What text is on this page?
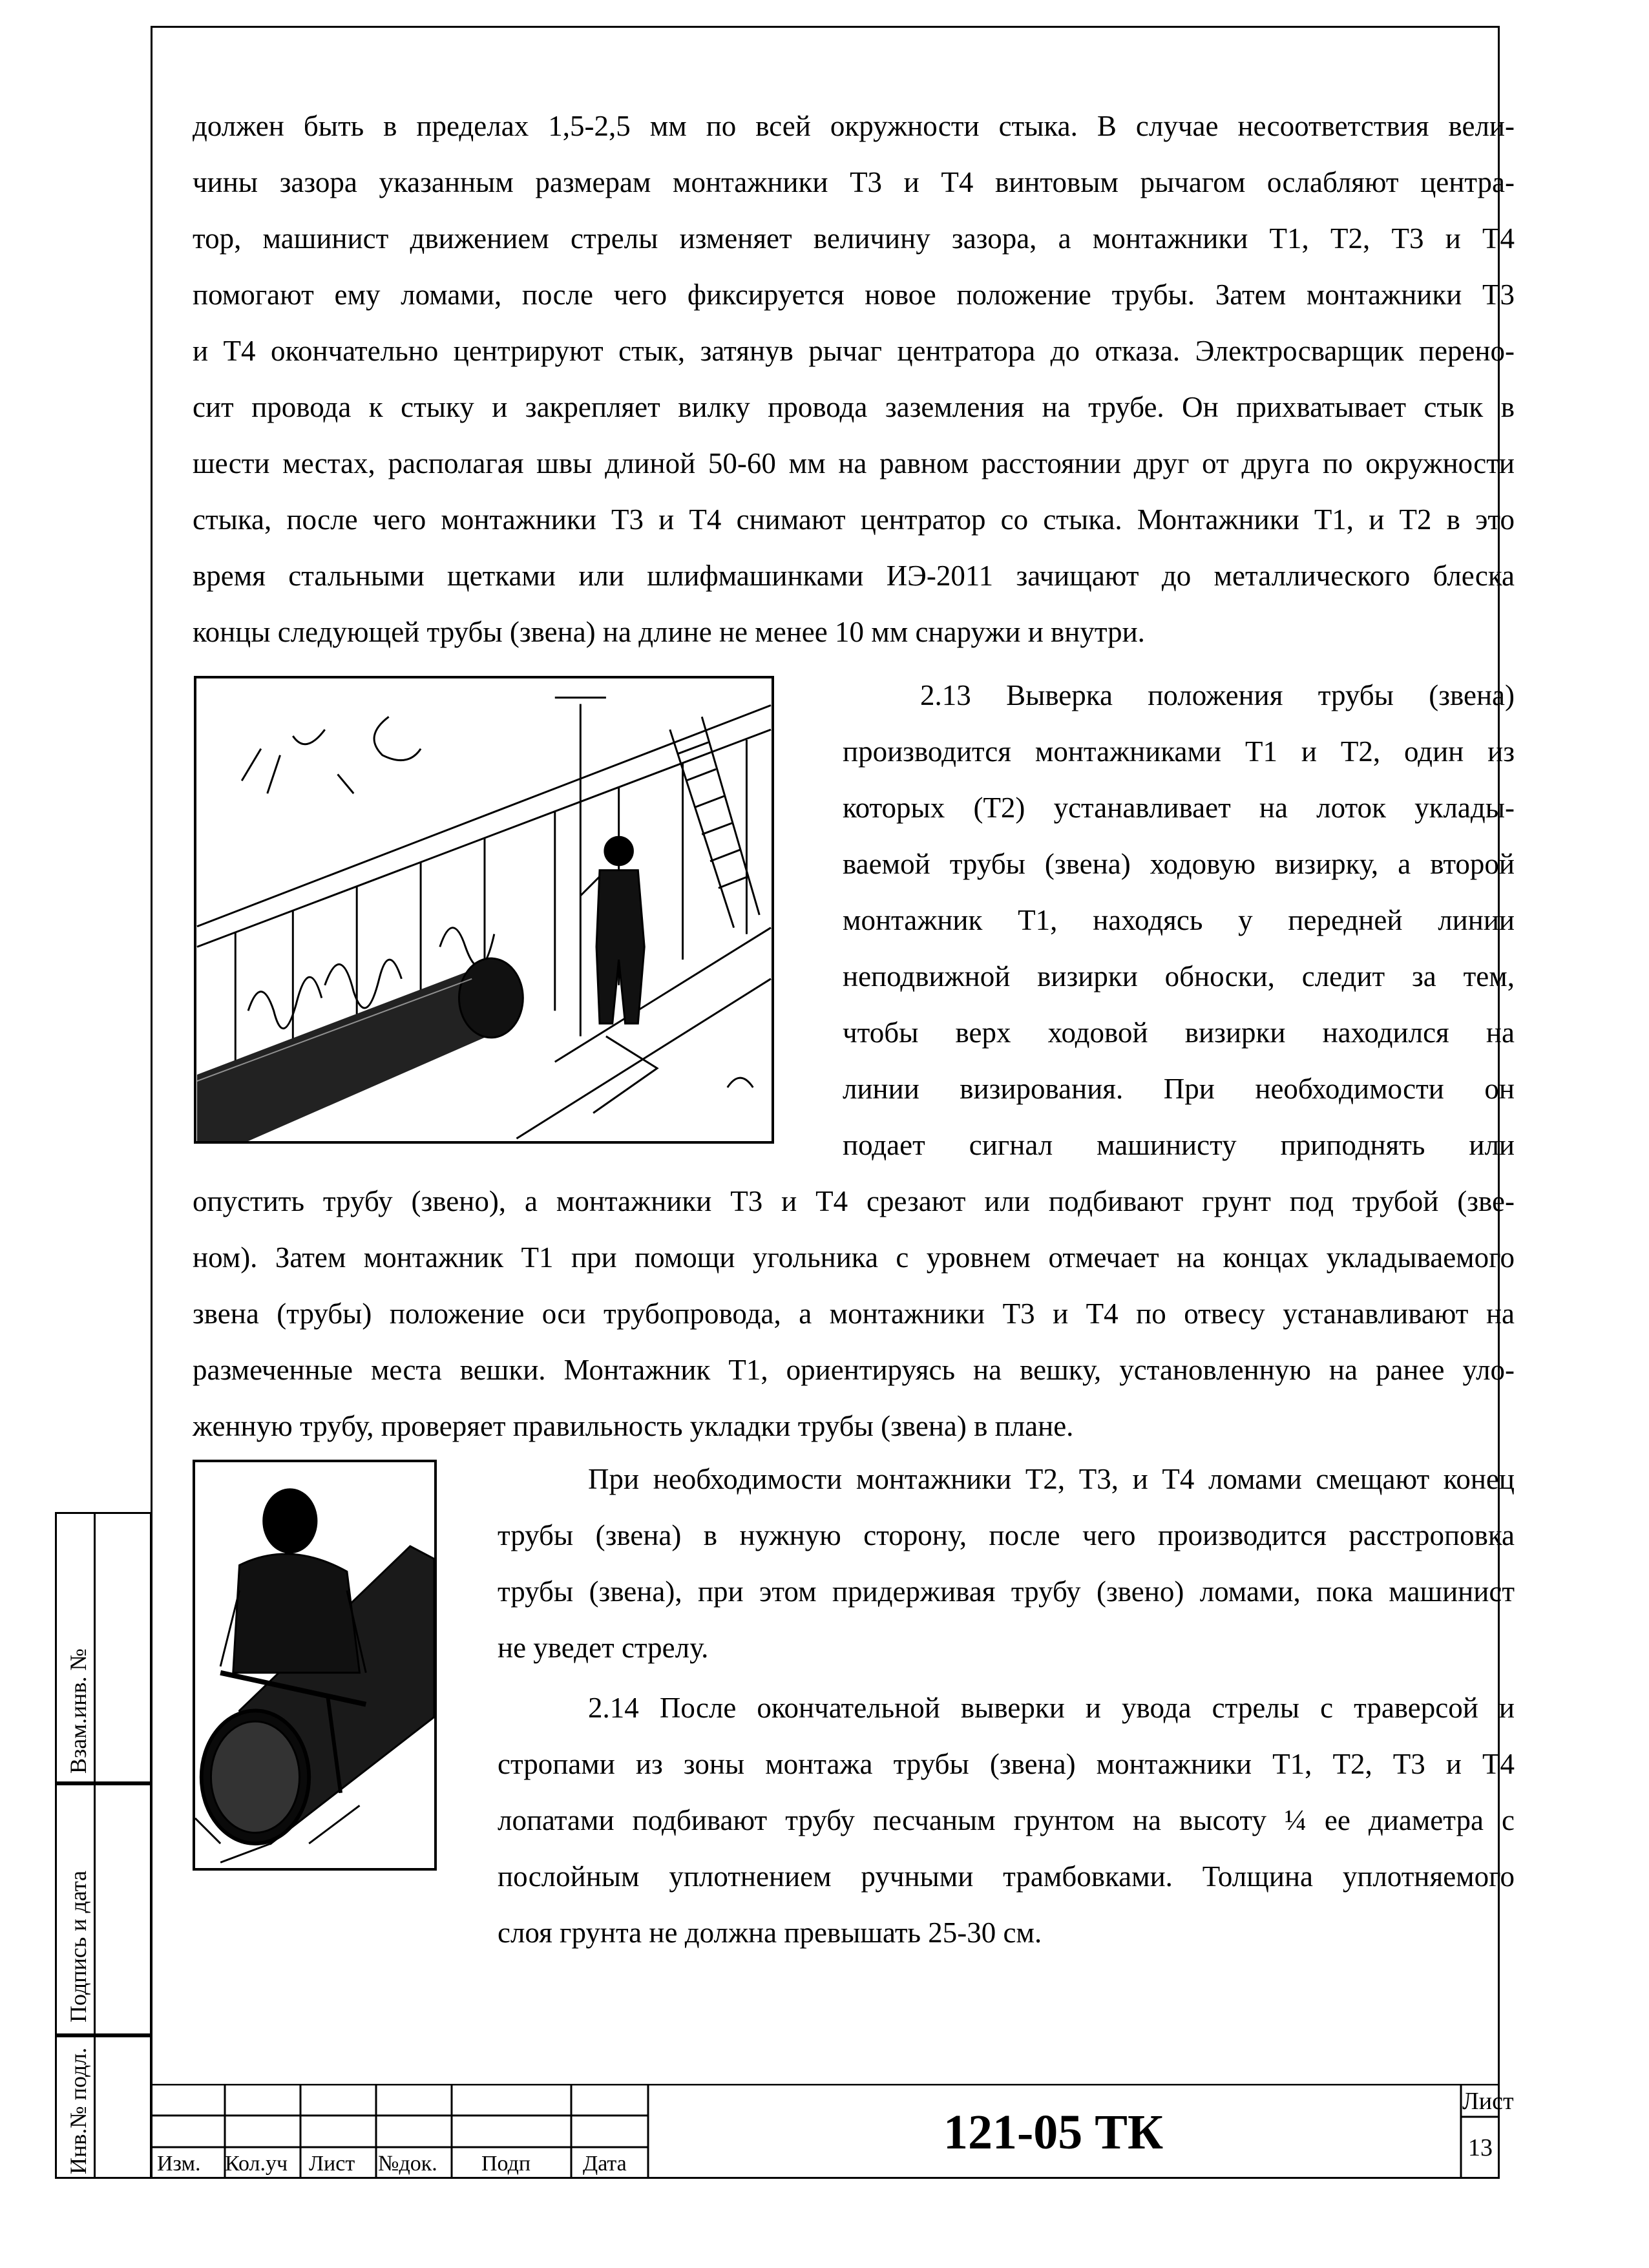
должен быть в пределах 1,5-2,5 мм по всей окружности стыка. В случае несоответствия вели-
чины зазора указанным размерам монтажники Т3 и Т4 винтовым рычагом ослабляют центра-
тор, машинист движением стрелы изменяет величину зазора, а монтажники Т1, Т2, Т3 и Т4
помогают ему ломами, после чего фиксируется новое положение трубы. Затем монтажники Т3
и Т4 окончательно центрируют стык, затянув рычаг центратора до отказа. Электросварщик перено-
сит провода к стыку и закрепляет вилку провода заземления на трубе. Он прихватывает стык в
шести местах, располагая швы длиной 50-60 мм на равном расстоянии друг от друга по окружности
стыка, после чего монтажники Т3 и Т4 снимают центратор со стыка. Монтажники Т1, и Т2 в это
время стальными щетками или шлифмашинками ИЭ-2011 зачищают до металлического блеска
концы следующей трубы (звена) на длине не менее 10 мм снаружи и внутри.
2.13 Выверка положения трубы (звена)
производится монтажниками Т1 и Т2, один из
которых (Т2) устанавливает на лоток уклады-
ваемой трубы (звена) ходовую визирку, а второй
монтажник Т1, находясь у передней линии
неподвижной визирки обноски, следит за тем,
чтобы верх ходовой визирки находился на
линии визирования. При необходимости он
подает сигнал машинисту приподнять или
опустить трубу (звено), а монтажники Т3 и Т4 срезают или подбивают грунт под трубой (зве-
ном). Затем монтажник Т1 при помощи угольника с уровнем отмечает на концах укладываемого
звена (трубы) положение оси трубопровода, а монтажники Т3 и Т4 по отвесу устанавливают на
размеченные места вешки. Монтажник Т1, ориентируясь на вешку, установленную на ранее уло-
женную трубу, проверяет правильность укладки трубы (звена) в плане.
При необходимости монтажники Т2, Т3, и Т4 ломами смещают конец
трубы (звена) в нужную сторону, после чего производится расстроповка
трубы (звена), при этом придерживая трубу (звено) ломами, пока машинист
не уведет стрелу.
2.14 После окончательной выверки и увода стрелы с траверсой и
стропами из зоны монтажа трубы (звена) монтажники Т1, Т2, Т3 и Т4
лопатами подбивают трубу песчаным грунтом на высоту ¼ ее диаметра с
послойным уплотнением ручными трамбовками. Толщина уплотняемого
слоя грунта не должна превышать 25-30 см.
Взам.инв. №
Подпись и дата
Инв.№ подл.	Изм. Кол.уч Лист №док. Подп Дата
121-05 ТК
Лист
13
